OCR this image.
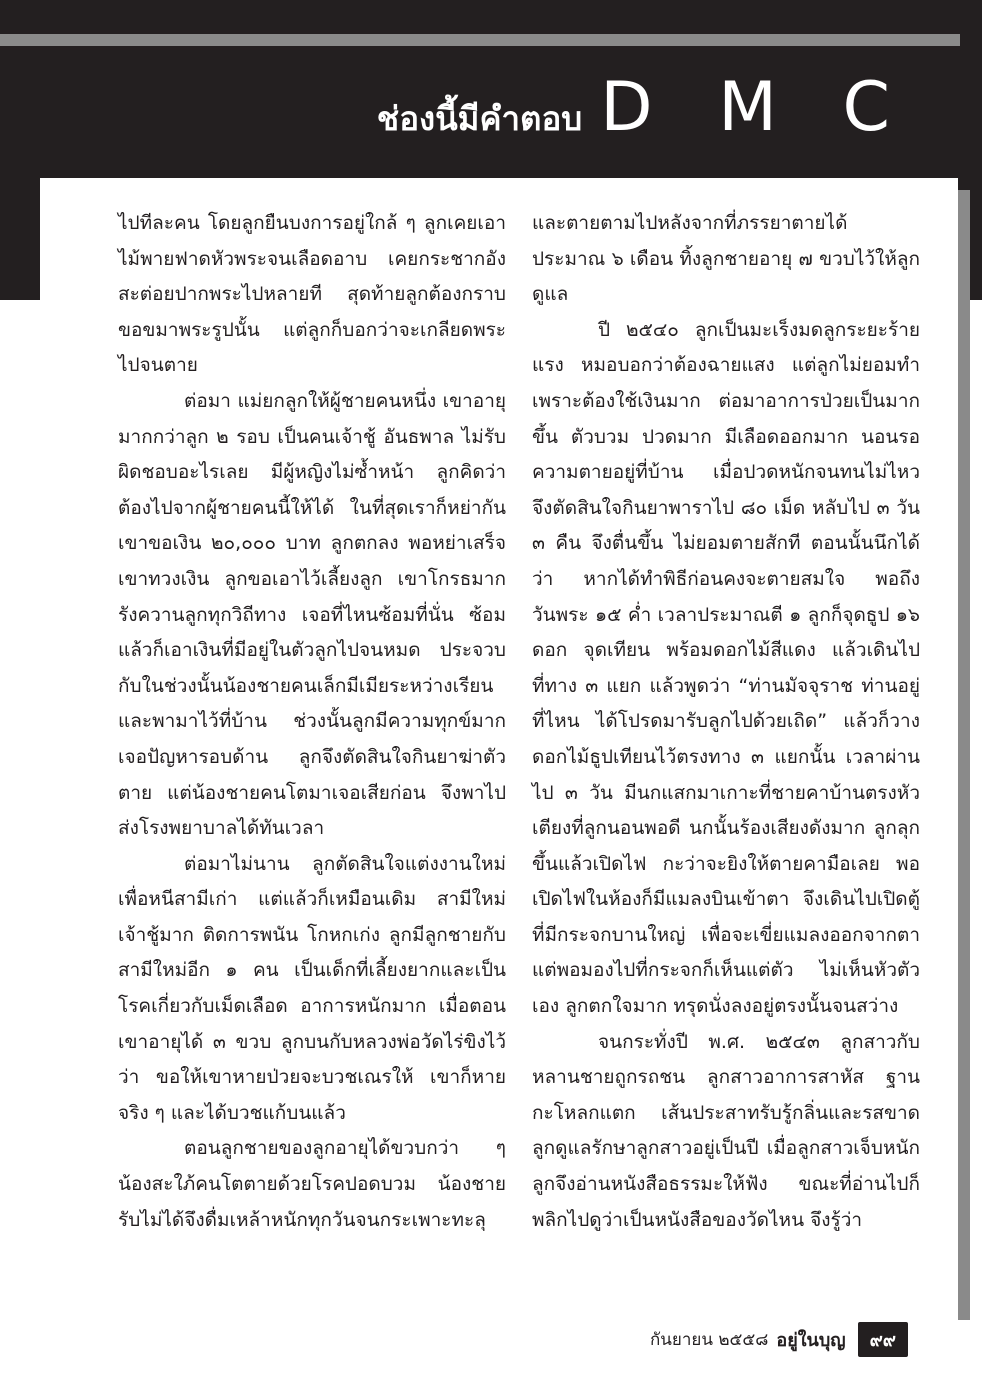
ช่องนี้มีคำตอบ D M C

ไปทีละคน โดยลูกยืนบงการอยู่ใกล้ ๆ ลูกเคยเอาไม้พายฟาดหัวพระจนเลือดอาบ เคยกระชากอังสะต่อยปากพระไปหลายที สุดท้ายลูกต้องกราบขอขมาพระรูปนั้น แต่ลูกก็บอกว่าจะเกลียดพระไปจนตาย

ต่อมา แม่ยกลูกให้ผู้ชายคนหนึ่ง เขาอายุมากกว่าลูก ๒ รอบ เป็นคนเจ้าชู้ อันธพาล ไม่รับผิดชอบอะไรเลย มีผู้หญิงไม่ซ้ำหน้า ลูกคิดว่าต้องไปจากผู้ชายคนนี้ให้ได้ ในที่สุดเราก็หย่ากัน เขาขอเงิน ๒๐,๐๐๐ บาท ลูกตกลง พอหย่าเสร็จเขาทวงเงิน ลูกขอเอาไว้เลี้ยงลูก เขาโกรธมาก รังควานลูกทุกวิถีทาง เจอที่ไหนซ้อมที่นั่น ซ้อมแล้วก็เอาเงินที่มีอยู่ในตัวลูกไปจนหมด ประจวบกับในช่วงนั้นน้องชายคนเล็กมีเมียระหว่างเรียนและพามาไว้ที่บ้าน ช่วงนั้นลูกมีความทุกข์มาก เจอปัญหารอบด้าน ลูกจึงตัดสินใจกินยาฆ่าตัวตาย แต่น้องชายคนโตมาเจอเสียก่อน จึงพาไปส่งโรงพยาบาลได้ทันเวลา

ต่อมาไม่นาน ลูกตัดสินใจแต่งงานใหม่ เพื่อหนีสามีเก่า แต่แล้วก็เหมือนเดิม สามีใหม่เจ้าชู้มาก ติดการพนัน โกหกเก่ง ลูกมีลูกชายกับสามีใหม่อีก ๑ คน เป็นเด็กที่เลี้ยงยากและเป็นโรคเกี่ยวกับเม็ดเลือด อาการหนักมาก เมื่อตอนเขาอายุได้ ๓ ขวบ ลูกบนกับหลวงพ่อวัดไร่ขิงไว้ว่า ขอให้เขาหายป่วยจะบวชเณรให้ เขาก็หายจริง ๆ และได้บวชแก้บนแล้ว

ตอนลูกชายของลูกอายุได้ขวบกว่า ๆ น้องสะใภ้คนโตตายด้วยโรคปอดบวม น้องชายรับไม่ได้จึงดื่มเหล้าหนักทุกวันจนกระเพาะทะลุ

และตายตามไปหลังจากที่ภรรยาตายได้ประมาณ ๖ เดือน ทิ้งลูกชายอายุ ๗ ขวบไว้ให้ลูกดูแล

ปี ๒๕๔๐ ลูกเป็นมะเร็งมดลูกระยะร้ายแรง หมอบอกว่าต้องฉายแสง แต่ลูกไม่ยอมทำ เพราะต้องใช้เงินมาก ต่อมาอาการป่วยเป็นมากขึ้น ตัวบวม ปวดมาก มีเลือดออกมาก นอนรอความตายอยู่ที่บ้าน เมื่อปวดหนักจนทนไม่ไหว จึงตัดสินใจกินยาพาราไป ๘๐ เม็ด หลับไป ๓ วัน ๓ คืน จึงตื่นขึ้น ไม่ยอมตายสักที ตอนนั้นนึกได้ว่า หากได้ทำพิธีก่อนคงจะตายสมใจ พอถึงวันพระ ๑๕ ค่ำ เวลาประมาณตี ๑ ลูกก็จุดธูป ๑๖ ดอก จุดเทียน พร้อมดอกไม้สีแดง แล้วเดินไปที่ทาง ๓ แยก แล้วพูดว่า “ท่านมัจจุราช ท่านอยู่ที่ไหน ได้โปรดมารับลูกไปด้วยเถิด” แล้วก็วางดอกไม้ธูปเทียนไว้ตรงทาง ๓ แยกนั้น เวลาผ่านไป ๓ วัน มีนกแสกมาเกาะที่ชายคาบ้านตรงหัวเตียงที่ลูกนอนพอดี นกนั้นร้องเสียงดังมาก ลูกลุกขึ้นแล้วเปิดไฟ กะว่าจะยิงให้ตายคามือเลย พอเปิดไฟในห้องก็มีแมลงบินเข้าตา จึงเดินไปเปิดตู้ที่มีกระจกบานใหญ่ เพื่อจะเขี่ยแมลงออกจากตา แต่พอมองไปที่กระจกก็เห็นแต่ตัว ไม่เห็นหัวตัวเอง ลูกตกใจมาก ทรุดนั่งลงอยู่ตรงนั้นจนสว่าง

จนกระทั่งปี พ.ศ. ๒๕๔๓ ลูกสาวกับหลานชายถูกรถชน ลูกสาวอาการสาหัส ฐานกะโหลกแตก เส้นประสาทรับรู้กลิ่นและรสขาด ลูกดูแลรักษาลูกสาวอยู่เป็นปี เมื่อลูกสาวเจ็บหนัก ลูกจึงอ่านหนังสือธรรมะให้ฟัง ขณะที่อ่านไปก็พลิกไปดูว่าเป็นหนังสือของวัดไหน จึงรู้ว่า

กันยายน ๒๕๕๘ อยู่ในบุญ	๙๙
